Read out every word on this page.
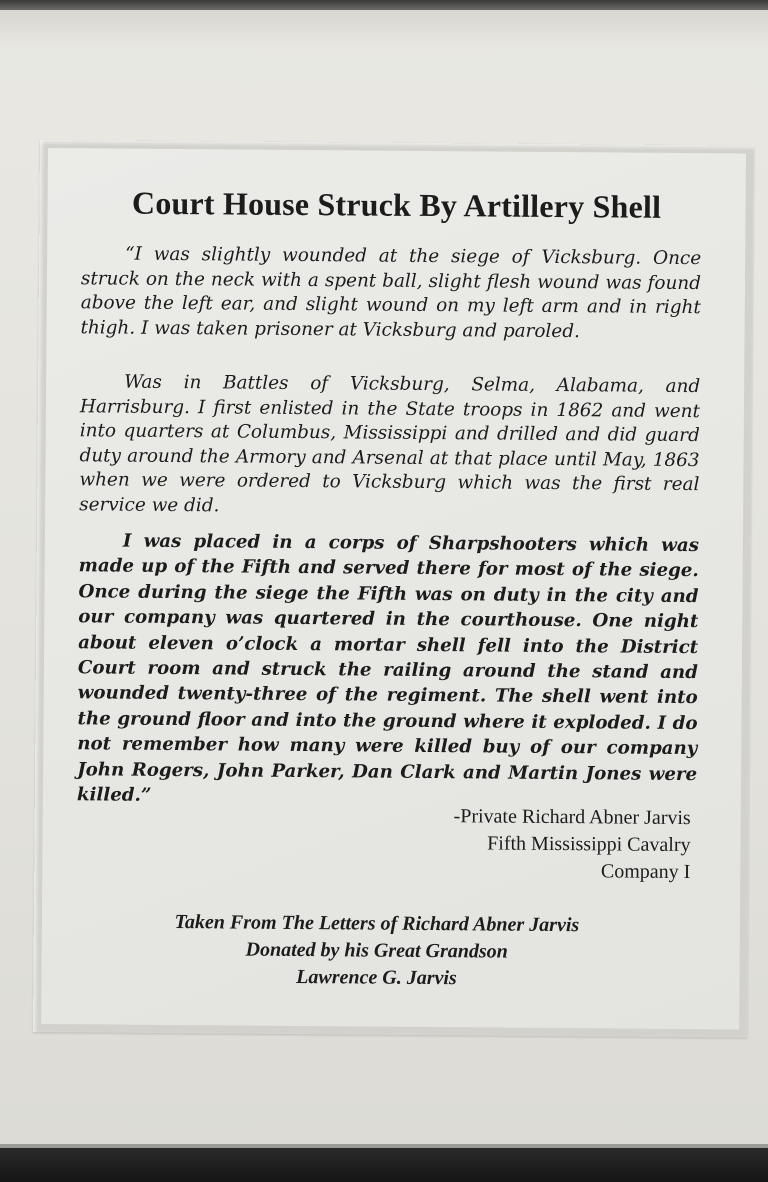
Court House Struck By Artillery Shell

“I was slightly wounded at the siege of Vicksburg. Once struck on the neck with a spent ball, slight flesh wound was found above the left ear, and slight wound on my left arm and in right thigh. I was taken prisoner at Vicksburg and paroled.

Was in Battles of Vicksburg, Selma, Alabama, and Harrisburg. I first enlisted in the State troops in 1862 and went into quarters at Columbus, Mississippi and drilled and did guard duty around the Armory and Arsenal at that place until May, 1863 when we were ordered to Vicksburg which was the first real service we did.

I was placed in a corps of Sharpshooters which was made up of the Fifth and served there for most of the siege. Once during the siege the Fifth was on duty in the city and our company was quartered in the courthouse. One night about eleven o’clock a mortar shell fell into the District Court room and struck the railing around the stand and wounded twenty-three of the regiment. The shell went into the ground floor and into the ground where it exploded. I do not remember how many were killed buy of our company John Rogers, John Parker, Dan Clark and Martin Jones were killed.”

-Private Richard Abner Jarvis
Fifth Mississippi Cavalry
Company I
Taken From The Letters of Richard Abner Jarvis
Donated by his Great Grandson
Lawrence G. Jarvis
